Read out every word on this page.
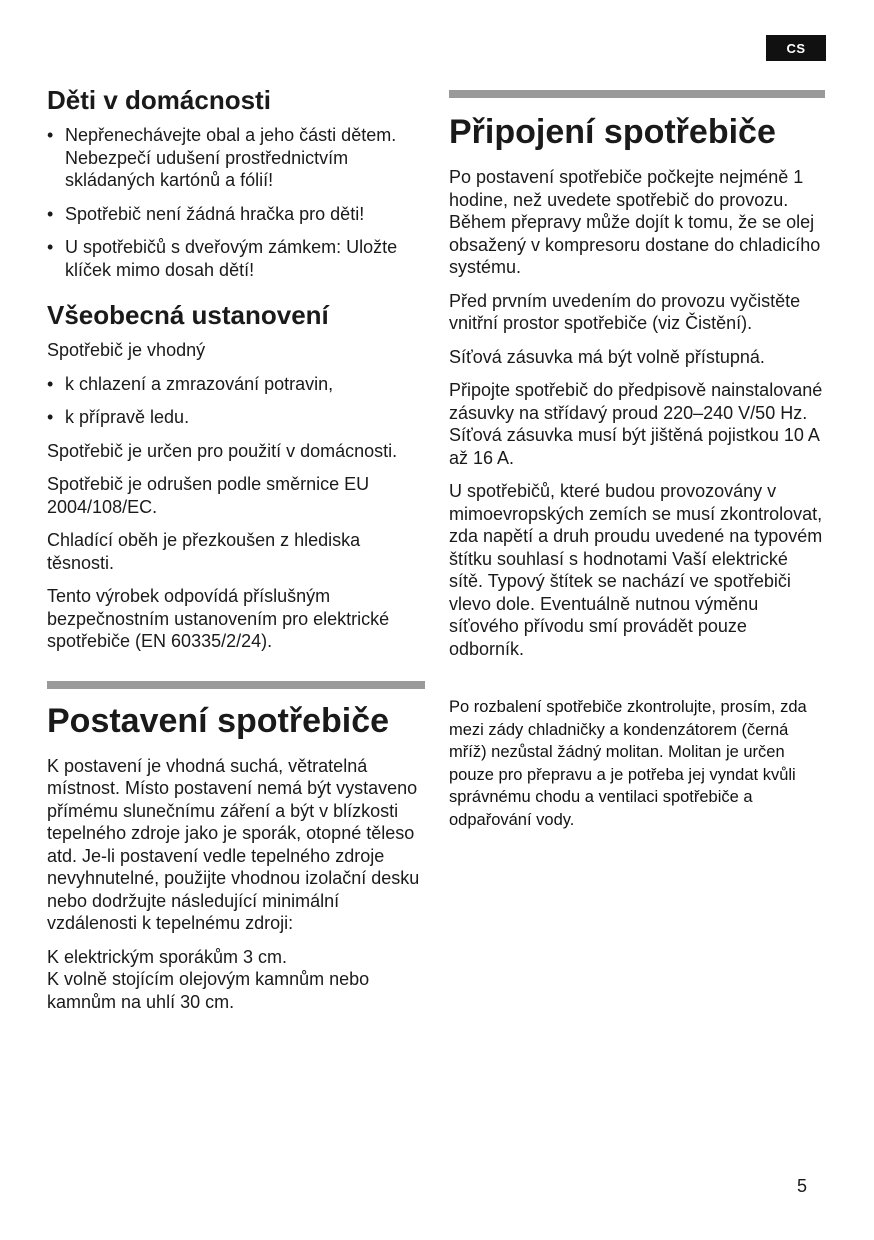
CS
Děti v domácnosti
• Nepřenechávejte obal a jeho části dětem. Nebezpečí udušení prostřednictvím skládaných kartónů a fólií!
• Spotřebič není žádná hračka pro děti!
• U spotřebičů s dveřovým zámkem: Uložte klíček mimo dosah dětí!
Všeobecná ustanovení

Spotřebič je vhodný

• k chlazení a zmrazování potravin,
• k přípravě ledu.

Spotřebič je určen pro použití v domácnosti.

Spotřebič je odrušen podle směrnice EU 2004/108/EC.

Chladící oběh je přezkoušen z hlediska těsnosti.

Tento výrobek odpovídá příslušným bezpečnostním ustanovením pro elektrické spotřebiče (EN 60335/2/24).

Postavení spotřebiče

K postavení je vhodná suchá, větratelná místnost. Místo postavení nemá být vystaveno přímému slunečnímu záření a být v blízkosti tepelného zdroje jako je sporák, otopné těleso atd. Je-li postavení vedle tepelného zdroje nevyhnutelné, použijte vhodnou izolační desku nebo dodržujte následující minimální vzdálenosti k tepelnému zdroji:

K elektrickým sporákům 3 cm.
K volně stojícím olejovým kamnům nebo kamnům na uhlí 30 cm.

Připojení spotřebiče

Po postavení spotřebiče počkejte nejméně 1 hodine, než uvedete spotřebič do provozu. Během přepravy může dojít k tomu, že se olej obsažený v kompresoru dostane do chladicího systému.

Před prvním uvedením do provozu vyčistěte vnitřní prostor spotřebiče (viz Čistění).

Síťová zásuvka má být volně přístupná.

Připojte spotřebič do předpisově nainstalované zásuvky na střídavý proud 220–240 V/50 Hz. Síťová zásuvka musí být jištěná pojistkou 10 A až 16 A.

U spotřebičů, které budou provozovány v mimoevropských zemích se musí zkontrolovat, zda napětí a druh proudu uvedené na typovém štítku souhlasí s hodnotami Vaší elektrické sítě. Typový štítek se nachází ve spotřebiči vlevo dole. Eventuálně nutnou výměnu síťového přívodu smí provádět pouze odborník.

Po rozbalení spotřebiče zkontrolujte, prosím, zda mezi zády chladničky a kondenzátorem (černá mříž) nezůstal žádný molitan. Molitan je určen pouze pro přepravu a je potřeba jej vyndat kvůli správnému chodu a ventilaci spotřebiče a odpařování vody.

5
